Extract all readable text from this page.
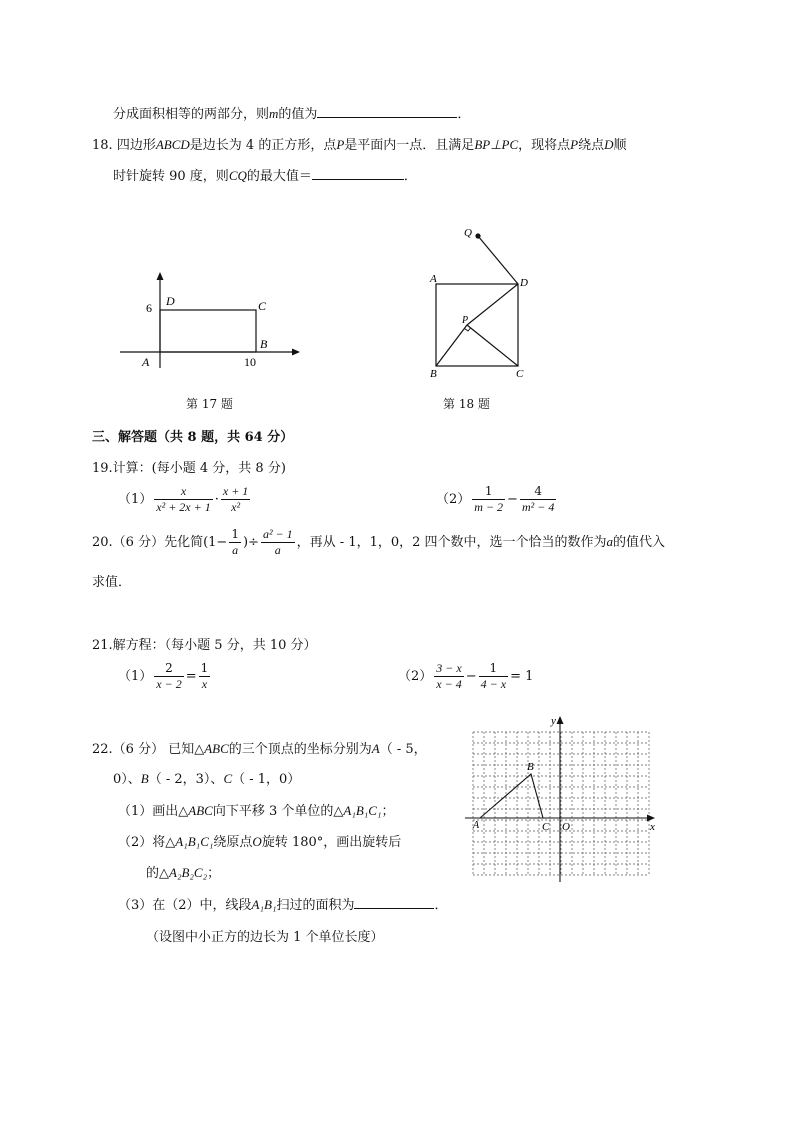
分成面积相等的两部分，则m的值为	．
18. 四边形ABCD是边长为 4 的正方形，点P是平面内一点．且满足BP⊥PC，现将点P绕点D顺
时针旋转 90 度，则CQ的最大值＝	．
6 D	C
A
B
10
第 17 题
Q
A	D
P
B	C
第 18 题
三、解答题（共 8 题，共 64 分）
19.计算：(每小题 4 分，共 8 分)
$(1) \frac{x}{\text{x² + 2x + 1}} \cdot \frac{x + 1}{\text{x²}}$	$(2) \frac{1}{m - 2} - \frac{4}{\text{m² − 4}}$
20.（6 分）先化简($1- \frac{1}{a}$ )÷ $\frac{\text{a² − 1}}{a}$ ，再从 - 1，1，0，2 四个数中，选一个恰当的数作为a的值代入
求值．
21.解方程：（每小题 5 分，共 10 分）
$(1) \frac{2}{x - 2} = \frac{1}{x}$	$(2) \frac{3 - x}{x - 4} - \frac{1}{4 - x} = 1$
22.（6 分） 已知△ABC的三个顶点的坐标分别为A（ - 5，
0）、B（ - 2，3）、C（ - 1，0）
（1）画出△ABC向下平移 3 个单位的△A₁B₁C₁；
（2）将△A₁B₁C₁绕原点O旋转 180°，画出旋转后
的△A₂B₂C₂；
（3）在（2）中，线段A₁B₁扫过的面积为	．
（设图中小正方的边长为 1 个单位长度）
y
x
A
B
C O
